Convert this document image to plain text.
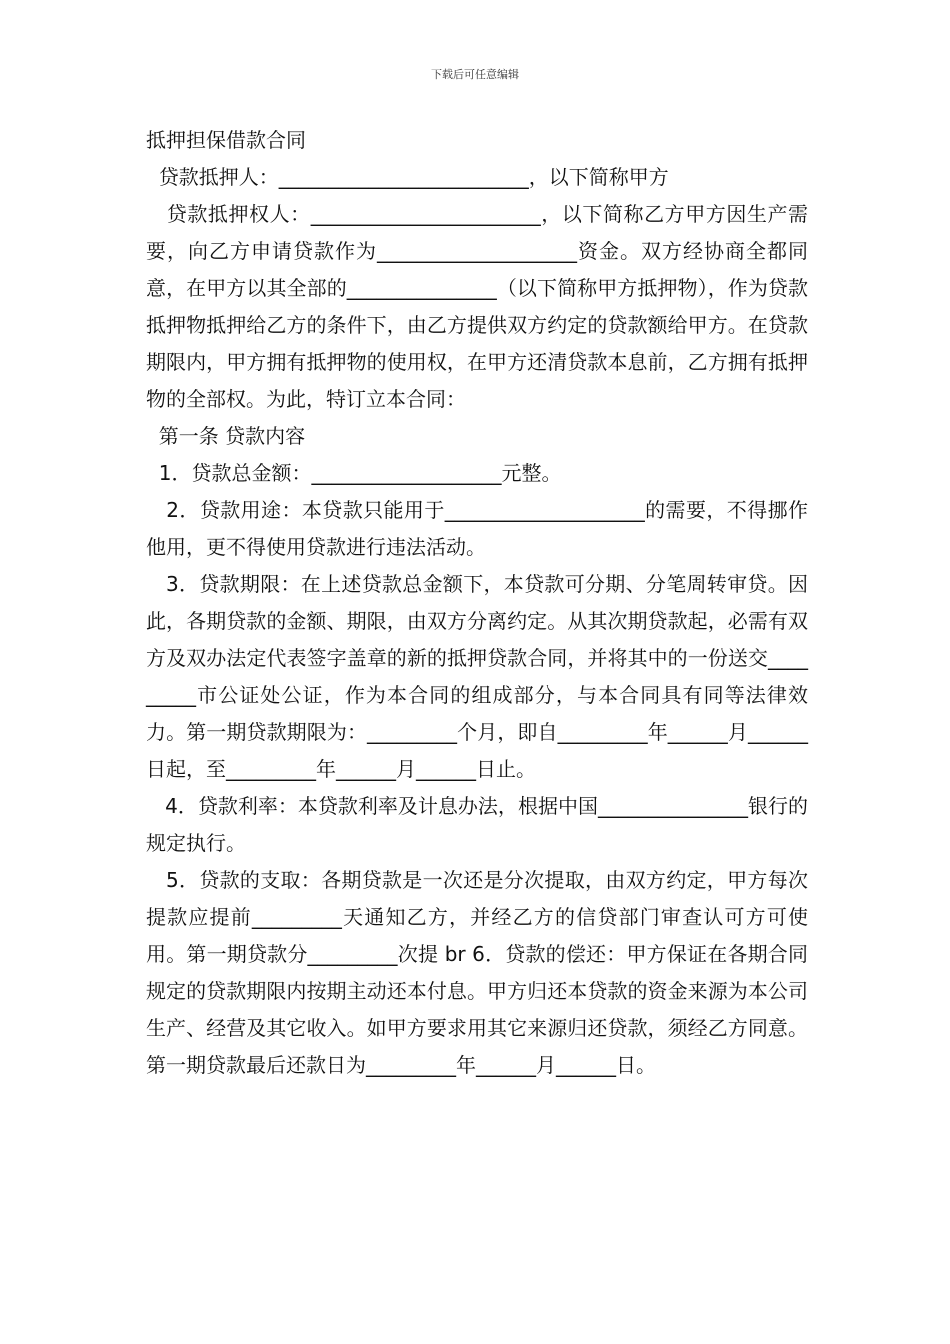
下载后可任意编辑

抵押担保借款合同

贷款抵押人：_________________________，以下简称甲方

贷款抵押权人：_______________________，以下简称乙方甲方因生产需要，向乙方申请贷款作为____________________资金。双方经协商全都同意，在甲方以其全部的_______________（以下简称甲方抵押物），作为贷款抵押物抵押给乙方的条件下，由乙方提供双方约定的贷款额给甲方。在贷款期限内，甲方拥有抵押物的使用权，在甲方还清贷款本息前，乙方拥有抵押物的全部权。为此，特订立本合同：

第一条 贷款内容

1．贷款总金额：___________________元整。

2．贷款用途：本贷款只能用于____________________的需要，不得挪作他用，更不得使用贷款进行违法活动。

3．贷款期限：在上述贷款总金额下，本贷款可分期、分笔周转审贷。因此，各期贷款的金额、期限，由双方分离约定。从其次期贷款起，必需有双方及双办法定代表签字盖章的新的抵押贷款合同，并将其中的一份送交_________市公证处公证，作为本合同的组成部分，与本合同具有同等法律效力。第一期贷款期限为：_________个月，即自_________年______月______日起，至_________年______月______日止。

4．贷款利率：本贷款利率及计息办法，根据中国_______________银行的规定执行。

5．贷款的支取：各期贷款是一次还是分次提取，由双方约定，甲方每次提款应提前_________天通知乙方，并经乙方的信贷部门审查认可方可使用。第一期贷款分_________次提 br 6．贷款的偿还：甲方保证在各期合同规定的贷款期限内按期主动还本付息。甲方归还本贷款的资金来源为本公司生产、经营及其它收入。如甲方要求用其它来源归还贷款，须经乙方同意。第一期贷款最后还款日为_________年______月______日。
